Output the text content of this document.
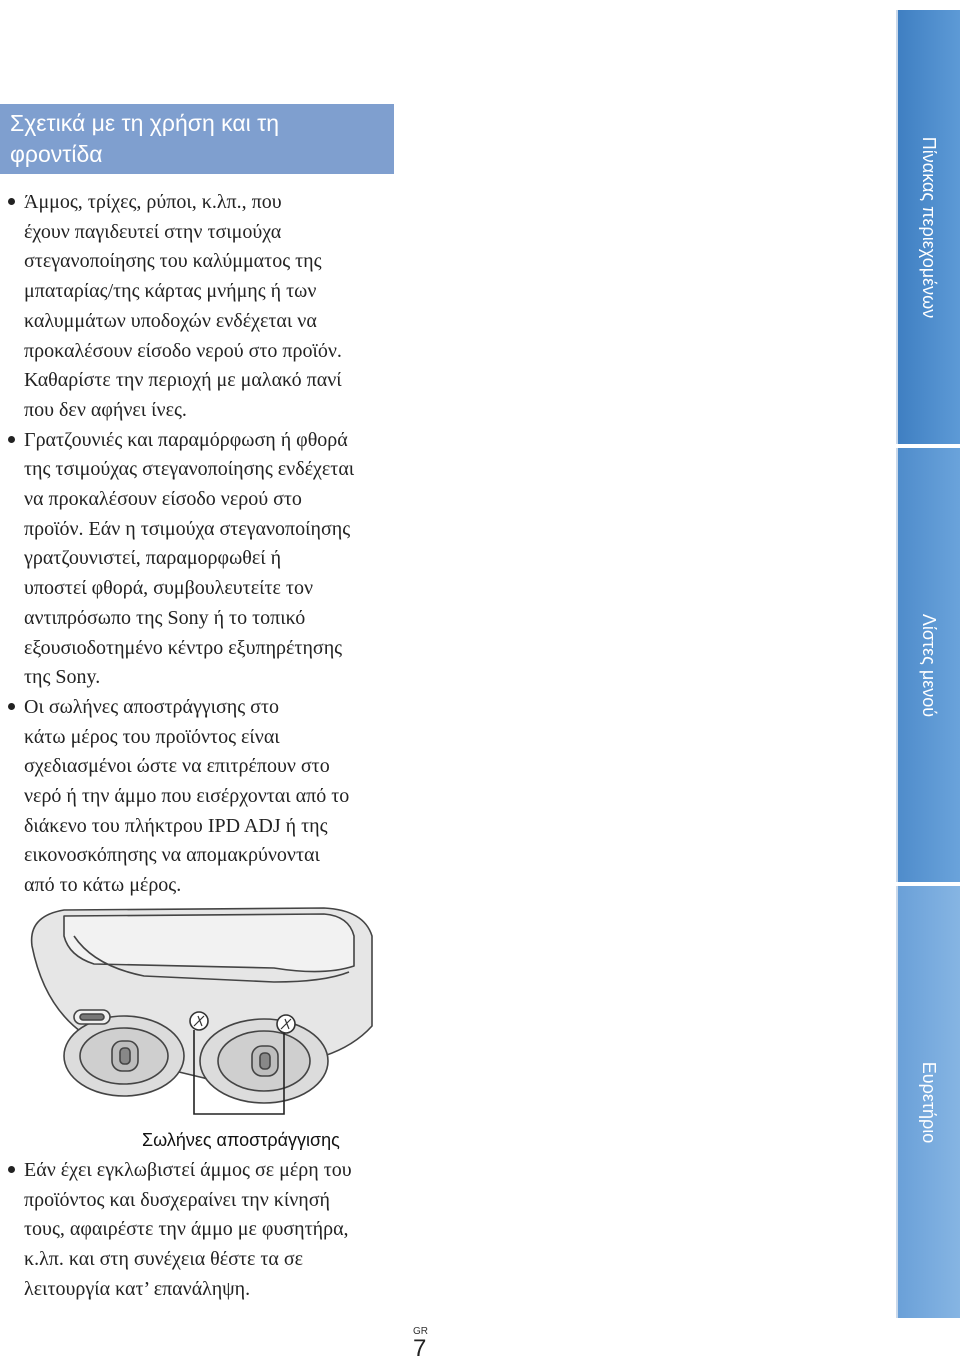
Σχετικά με τη χρήση και τη
φροντίδα
Άμμος, τρίχες, ρύποι, κ.λπ., που
έχουν παγιδευτεί στην τσιμούχα
στεγανοποίησης του καλύμματος της
μπαταρίας/της κάρτας μνήμης ή των
καλυμμάτων υποδοχών ενδέχεται να
προκαλέσουν είσοδο νερού στο προϊόν.
Καθαρίστε την περιοχή με μαλακό πανί
που δεν αφήνει ίνες.
Γρατζουνιές και παραμόρφωση ή φθορά
της τσιμούχας στεγανοποίησης ενδέχεται
να προκαλέσουν είσοδο νερού στο
προϊόν. Εάν η τσιμούχα στεγανοποίησης
γρατζουνιστεί, παραμορφωθεί ή
υποστεί φθορά, συμβουλευτείτε τον
αντιπρόσωπο της Sony ή το τοπικό
εξουσιοδοτημένο κέντρο εξυπηρέτησης
της Sony.
Οι σωλήνες αποστράγγισης στο
κάτω μέρος του προϊόντος είναι
σχεδιασμένοι ώστε να επιτρέπουν στο
νερό ή την άμμο που εισέρχονται από το
διάκενο του πλήκτρου IPD ADJ ή της
εικονοσκόπησης να απομακρύνονται
από το κάτω μέρος.
Σωλήνες αποστράγγισης
Εάν έχει εγκλωβιστεί άμμος σε μέρη του
προϊόντος και δυσχεραίνει την κίνησή
τους, αφαιρέστε την άμμο με φυσητήρα,
κ.λπ. και στη συνέχεια θέστε τα σε
λειτουργία κατ’ επανάληψη.
GR
7
Πίνακας περιεχομένων
Λίστες μενού
Ευρετήριο
